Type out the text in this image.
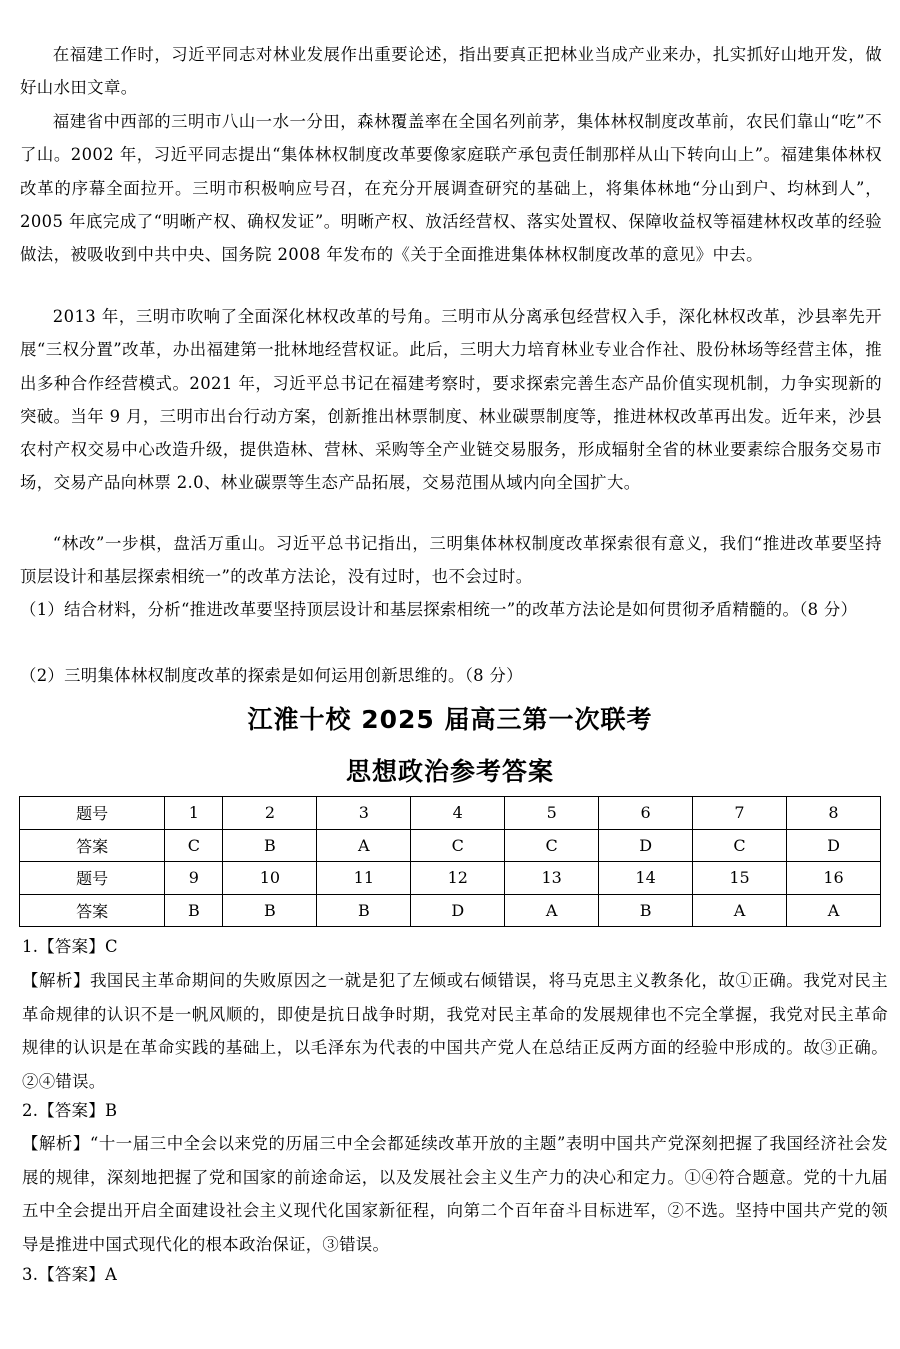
在福建工作时，习近平同志对林业发展作出重要论述，指出要真正把林业当成产业来办，扎实抓好山地开发，做好山水田文章。

福建省中西部的三明市八山一水一分田，森林覆盖率在全国名列前茅，集体林权制度改革前，农民们靠山“吃”不了山。2002 年，习近平同志提出“集体林权制度改革要像家庭联产承包责任制那样从山下转向山上”。福建集体林权改革的序幕全面拉开。三明市积极响应号召，在充分开展调查研究的基础上，将集体林地“分山到户、均林到人”，2005 年底完成了“明晰产权、确权发证”。明晰产权、放活经营权、落实处置权、保障收益权等福建林权改革的经验做法，被吸收到中共中央、国务院 2008 年发布的《关于全面推进集体林权制度改革的意见》中去。

2013 年，三明市吹响了全面深化林权改革的号角。三明市从分离承包经营权入手，深化林权改革，沙县率先开展“三权分置”改革，办出福建第一批林地经营权证。此后，三明大力培育林业专业合作社、股份林场等经营主体，推出多种合作经营模式。2021 年，习近平总书记在福建考察时，要求探索完善生态产品价值实现机制，力争实现新的突破。当年 9 月，三明市出台行动方案，创新推出林票制度、林业碳票制度等，推进林权改革再出发。近年来，沙县农村产权交易中心改造升级，提供造林、营林、采购等全产业链交易服务，形成辐射全省的林业要素综合服务交易市场，交易产品向林票 2.0、林业碳票等生态产品拓展，交易范围从域内向全国扩大。

“林改”一步棋，盘活万重山。习近平总书记指出，三明集体林权制度改革探索很有意义，我们“推进改革要坚持顶层设计和基层探索相统一”的改革方法论，没有过时，也不会过时。

（1）结合材料，分析“推进改革要坚持顶层设计和基层探索相统一”的改革方法论是如何贯彻矛盾精髓的。（8 分）

（2）三明集体林权制度改革的探索是如何运用创新思维的。（8 分）

江淮十校 2025 届高三第一次联考
思想政治参考答案
题号	1	2	3	4	5	6	7	8
答案	C	B	A	C	C	D	C	D
题号	9	10	11	12	13	14	15	16
答案	B	B	B	D	A	B	A	A

1.【答案】C

【解析】我国民主革命期间的失败原因之一就是犯了左倾或右倾错误，将马克思主义教条化，故①正确。我党对民主革命规律的认识不是一帆风顺的，即使是抗日战争时期，我党对民主革命的发展规律也不完全掌握，我党对民主革命规律的认识是在革命实践的基础上，以毛泽东为代表的中国共产党人在总结正反两方面的经验中形成的。故③正确。②④错误。

2.【答案】B

【解析】“十一届三中全会以来党的历届三中全会都延续改革开放的主题”表明中国共产党深刻把握了我国经济社会发展的规律，深刻地把握了党和国家的前途命运，以及发展社会主义生产力的决心和定力。①④符合题意。党的十九届五中全会提出开启全面建设社会主义现代化国家新征程，向第二个百年奋斗目标进军，②不选。坚持中国共产党的领导是推进中国式现代化的根本政治保证，③错误。

3.【答案】A
